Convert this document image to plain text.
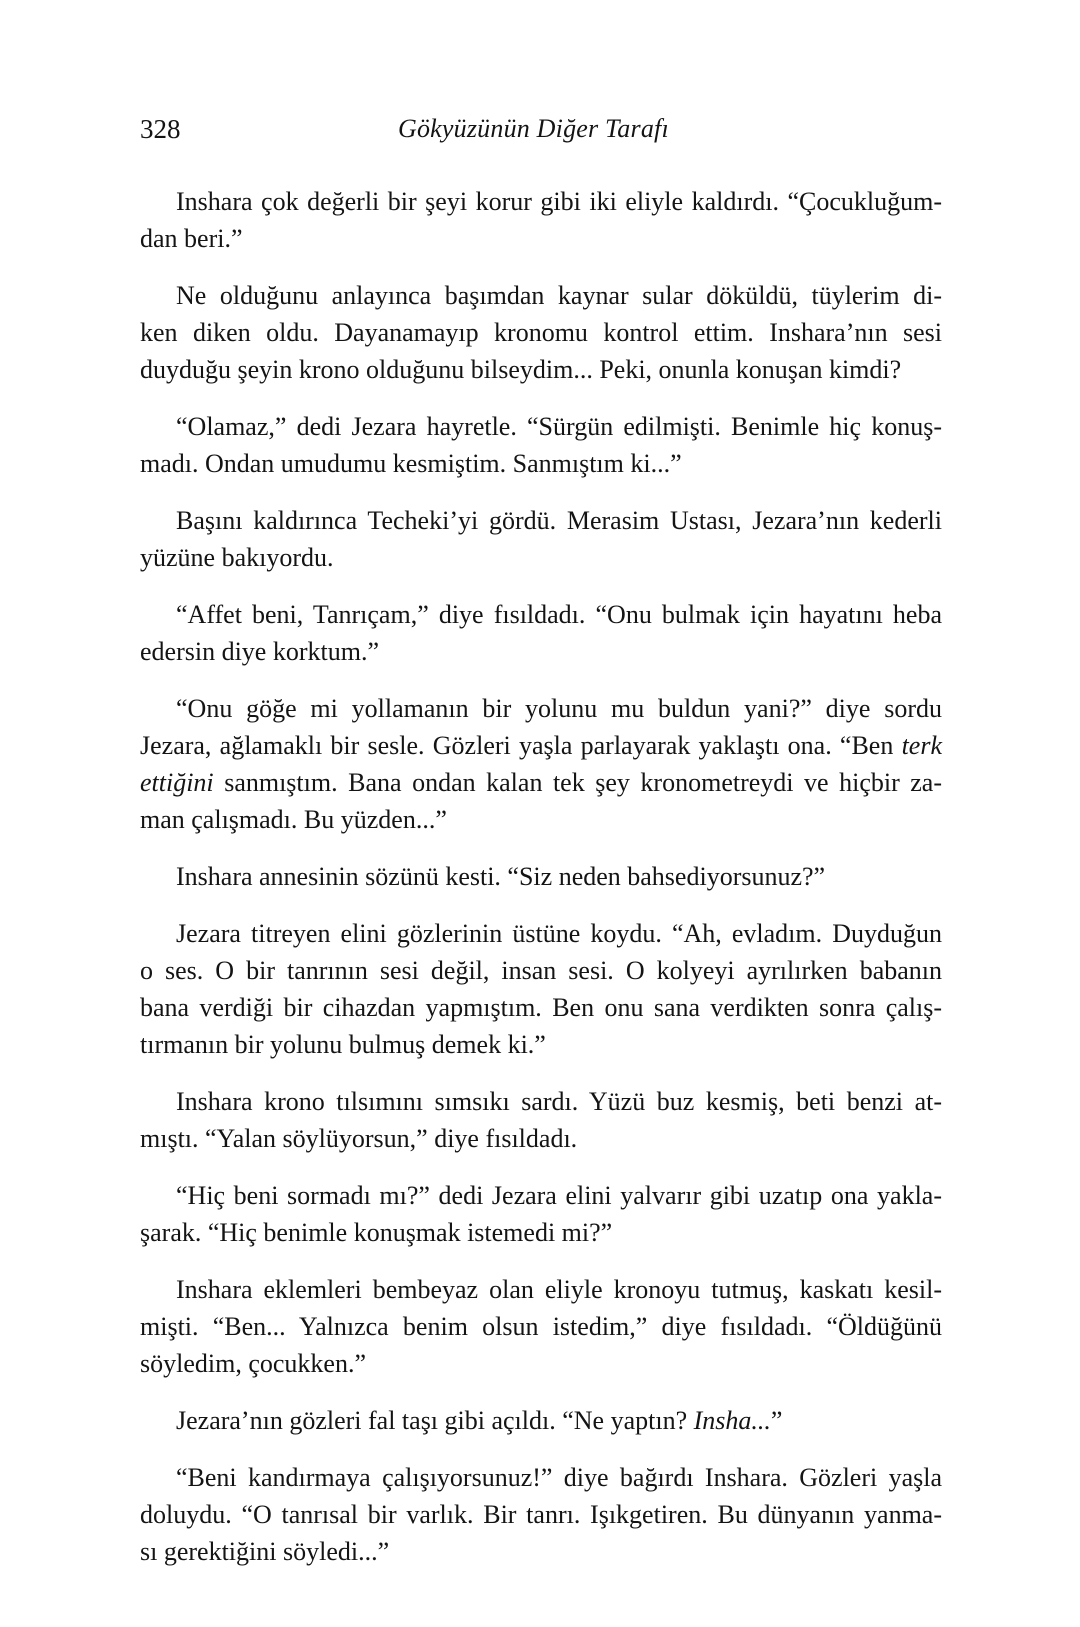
328	Gökyüzünün Diğer Tarafı

Inshara çok değerli bir şeyi korur gibi iki eliyle kaldırdı. “Çocukluğum-
dan beri.”

Ne olduğunu anlayınca başımdan kaynar sular döküldü, tüylerim di-
ken diken oldu. Dayanamayıp kronomu kontrol ettim. Inshara’nın sesi
duyduğu şeyin krono olduğunu bilseydim... Peki, onunla konuşan kimdi?

“Olamaz,” dedi Jezara hayretle. “Sürgün edilmişti. Benimle hiç konuş-
madı. Ondan umudumu kesmiştim. Sanmıştım ki...”

Başını kaldırınca Techeki’yi gördü. Merasim Ustası, Jezara’nın kederli
yüzüne bakıyordu.

“Affet beni, Tanrıçam,” diye fısıldadı. “Onu bulmak için hayatını heba
edersin diye korktum.”

“Onu göğe mi yollamanın bir yolunu mu buldun yani?” diye sordu
Jezara, ağlamaklı bir sesle. Gözleri yaşla parlayarak yaklaştı ona. “Ben terk
ettiğini sanmıştım. Bana ondan kalan tek şey kronometreydi ve hiçbir za-
man çalışmadı. Bu yüzden...”

Inshara annesinin sözünü kesti. “Siz neden bahsediyorsunuz?”

Jezara titreyen elini gözlerinin üstüne koydu. “Ah, evladım. Duyduğun
o ses. O bir tanrının sesi değil, insan sesi. O kolyeyi ayrılırken babanın
bana verdiği bir cihazdan yapmıştım. Ben onu sana verdikten sonra çalış-
tırmanın bir yolunu bulmuş demek ki.”

Inshara krono tılsımını sımsıkı sardı. Yüzü buz kesmiş, beti benzi at-
mıştı. “Yalan söylüyorsun,” diye fısıldadı.

“Hiç beni sormadı mı?” dedi Jezara elini yalvarır gibi uzatıp ona yakla-
şarak. “Hiç benimle konuşmak istemedi mi?”

Inshara eklemleri bembeyaz olan eliyle kronoyu tutmuş, kaskatı kesil-
mişti. “Ben... Yalnızca benim olsun istedim,” diye fısıldadı. “Öldüğünü
söyledim, çocukken.”

Jezara’nın gözleri fal taşı gibi açıldı. “Ne yaptın? Insha...”

“Beni kandırmaya çalışıyorsunuz!” diye bağırdı Inshara. Gözleri yaşla
doluydu. “O tanrısal bir varlık. Bir tanrı. Işıkgetiren. Bu dünyanın yanma-
sı gerektiğini söyledi...”
